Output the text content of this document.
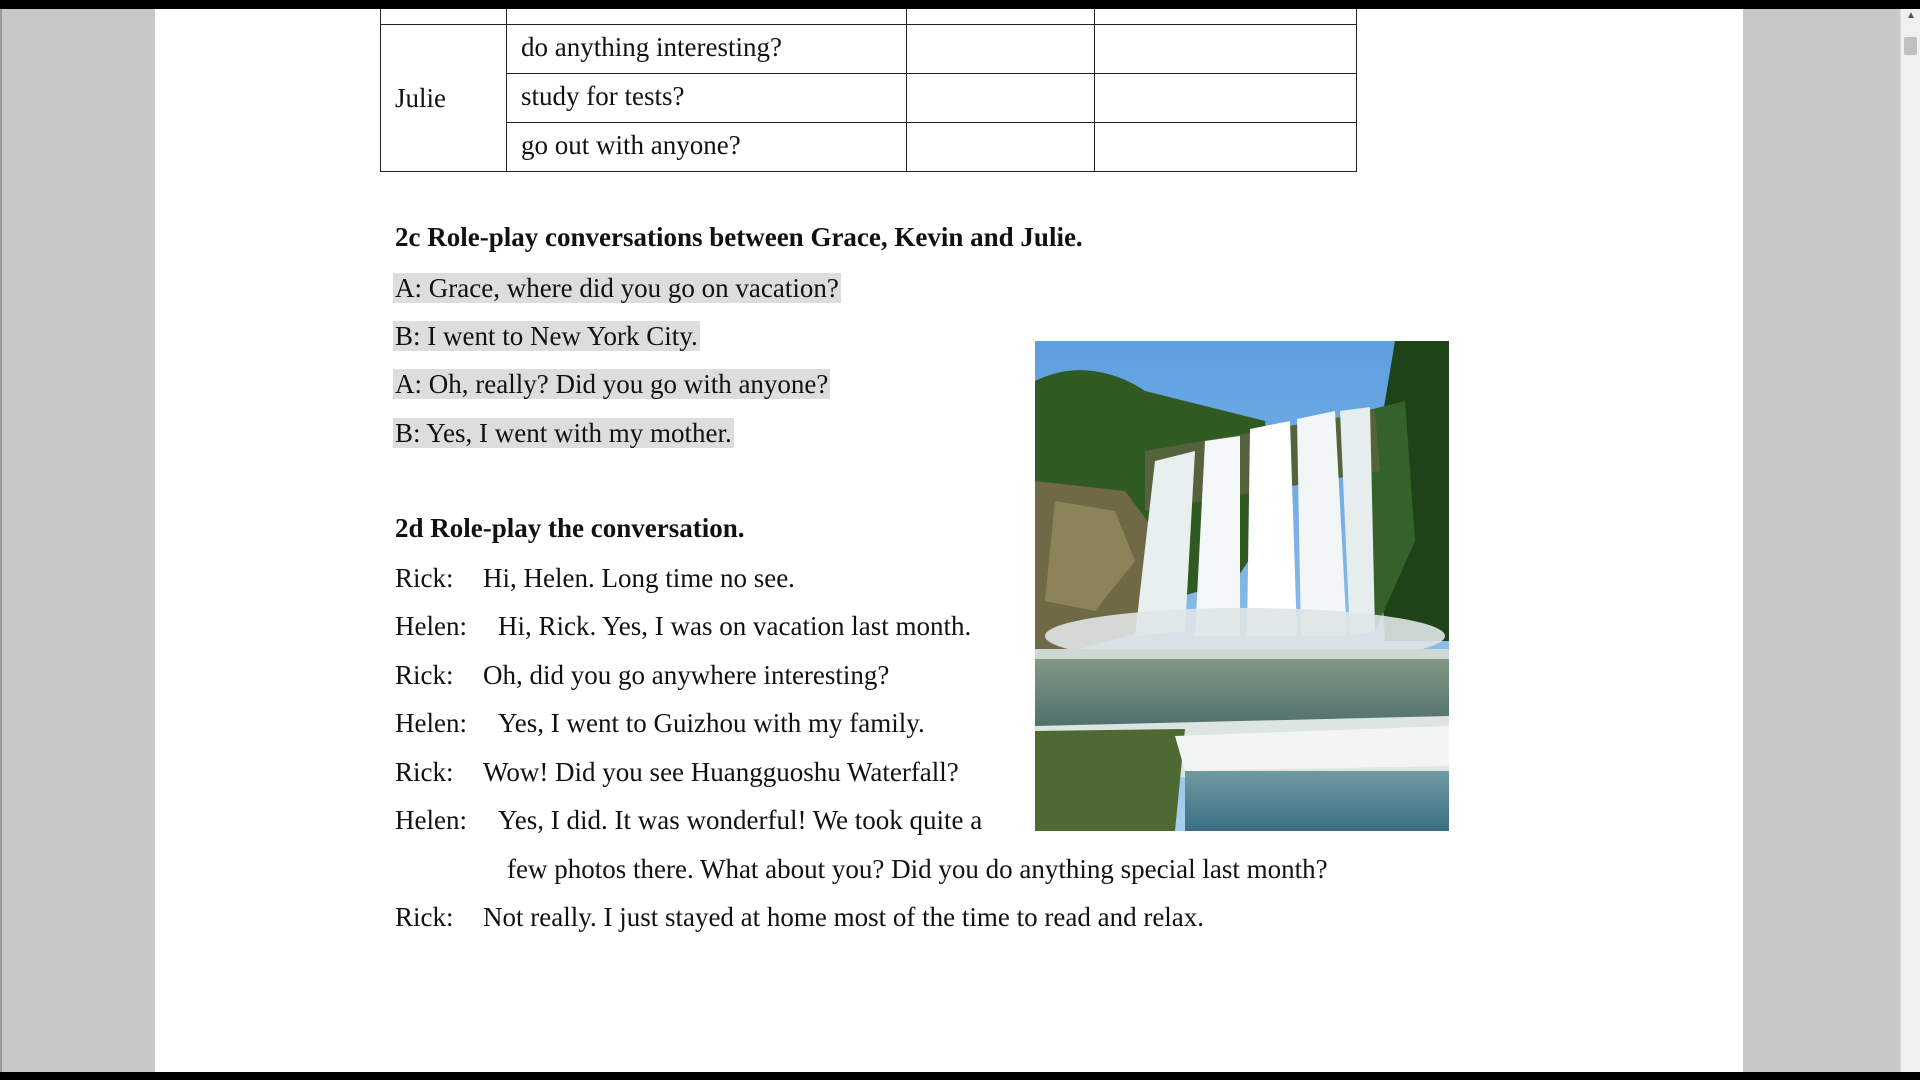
Julie	do anything interesting?		
	study for tests?		
	go out with anyone?		
2c Role-play conversations between Grace, Kevin and Julie.
A: Grace, where did you go on vacation?
B: I went to New York City.
A: Oh, really? Did you go with anyone?
B: Yes, I went with my mother.
2d Role-play the conversation.
Rick: Hi, Helen. Long time no see.
Helen: Hi, Rick. Yes, I was on vacation last month.
Rick: Oh, did you go anywhere interesting?
Helen: Yes, I went to Guizhou with my family.
Rick: Wow! Did you see Huangguoshu Waterfall?
Helen: Yes, I did. It was wonderful! We took quite a
few photos there. What about you? Did you do anything special last month?
Rick: Not really. I just stayed at home most of the time to read and relax.
▲
